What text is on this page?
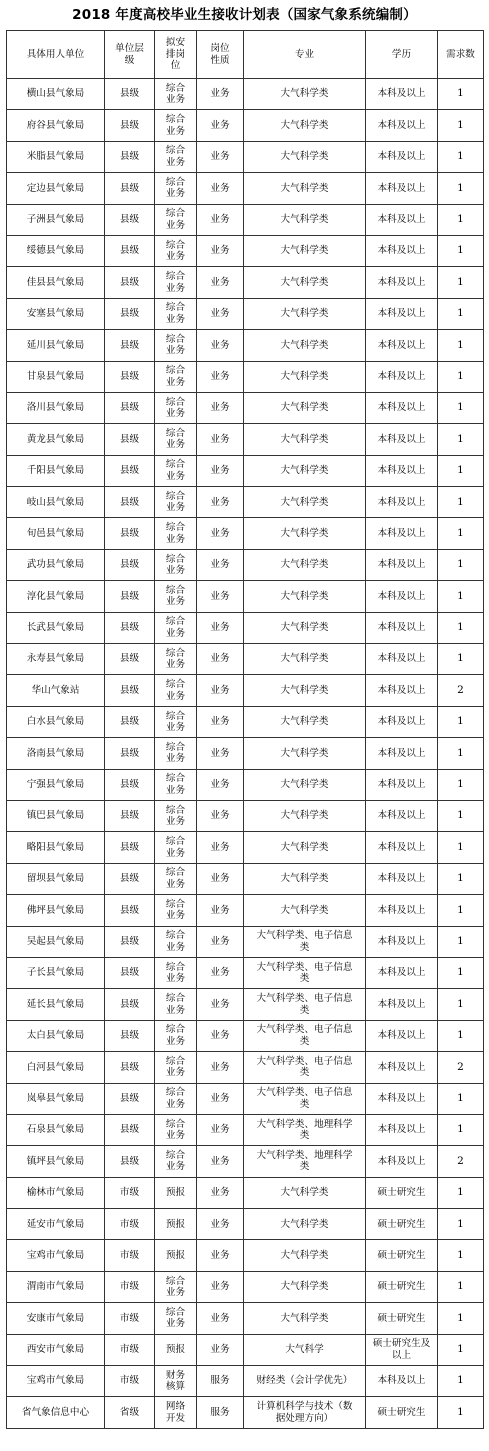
2018 年度高校毕业生接收计划表（国家气象系统编制）
具体用人单位	单位层级	拟安排岗位	岗位性质	专业	学历	需求数
横山县气象局	县级	综合业务	业务	大气科学类	本科及以上	1
府谷县气象局	县级	综合业务	业务	大气科学类	本科及以上	1
米脂县气象局	县级	综合业务	业务	大气科学类	本科及以上	1
定边县气象局	县级	综合业务	业务	大气科学类	本科及以上	1
子洲县气象局	县级	综合业务	业务	大气科学类	本科及以上	1
绥德县气象局	县级	综合业务	业务	大气科学类	本科及以上	1
佳县县气象局	县级	综合业务	业务	大气科学类	本科及以上	1
安塞县气象局	县级	综合业务	业务	大气科学类	本科及以上	1
延川县气象局	县级	综合业务	业务	大气科学类	本科及以上	1
甘泉县气象局	县级	综合业务	业务	大气科学类	本科及以上	1
洛川县气象局	县级	综合业务	业务	大气科学类	本科及以上	1
黄龙县气象局	县级	综合业务	业务	大气科学类	本科及以上	1
千阳县气象局	县级	综合业务	业务	大气科学类	本科及以上	1
岐山县气象局	县级	综合业务	业务	大气科学类	本科及以上	1
旬邑县气象局	县级	综合业务	业务	大气科学类	本科及以上	1
武功县气象局	县级	综合业务	业务	大气科学类	本科及以上	1
淳化县气象局	县级	综合业务	业务	大气科学类	本科及以上	1
长武县气象局	县级	综合业务	业务	大气科学类	本科及以上	1
永寿县气象局	县级	综合业务	业务	大气科学类	本科及以上	1
华山气象站	县级	综合业务	业务	大气科学类	本科及以上	2
白水县气象局	县级	综合业务	业务	大气科学类	本科及以上	1
洛南县气象局	县级	综合业务	业务	大气科学类	本科及以上	1
宁强县气象局	县级	综合业务	业务	大气科学类	本科及以上	1
镇巴县气象局	县级	综合业务	业务	大气科学类	本科及以上	1
略阳县气象局	县级	综合业务	业务	大气科学类	本科及以上	1
留坝县气象局	县级	综合业务	业务	大气科学类	本科及以上	1
佛坪县气象局	县级	综合业务	业务	大气科学类	本科及以上	1
吴起县气象局	县级	综合业务	业务	大气科学类、电子信息类	本科及以上	1
子长县气象局	县级	综合业务	业务	大气科学类、电子信息类	本科及以上	1
延长县气象局	县级	综合业务	业务	大气科学类、电子信息类	本科及以上	1
太白县气象局	县级	综合业务	业务	大气科学类、电子信息类	本科及以上	1
白河县气象局	县级	综合业务	业务	大气科学类、电子信息类	本科及以上	2
岚皋县气象局	县级	综合业务	业务	大气科学类、电子信息类	本科及以上	1
石泉县气象局	县级	综合业务	业务	大气科学类、地理科学类	本科及以上	1
镇坪县气象局	县级	综合业务	业务	大气科学类、地理科学类	本科及以上	2
榆林市气象局	市级	预报	业务	大气科学类	硕士研究生	1
延安市气象局	市级	预报	业务	大气科学类	硕士研究生	1
宝鸡市气象局	市级	预报	业务	大气科学类	硕士研究生	1
渭南市气象局	市级	综合业务	业务	大气科学类	硕士研究生	1
安康市气象局	市级	综合业务	业务	大气科学类	硕士研究生	1
西安市气象局	市级	预报	业务	大气科学	硕士研究生及以上	1
宝鸡市气象局	市级	财务核算	服务	财经类（会计学优先）	本科及以上	1
省气象信息中心	省级	网络开发	服务	计算机科学与技术（数据处理方向）	硕士研究生	1
